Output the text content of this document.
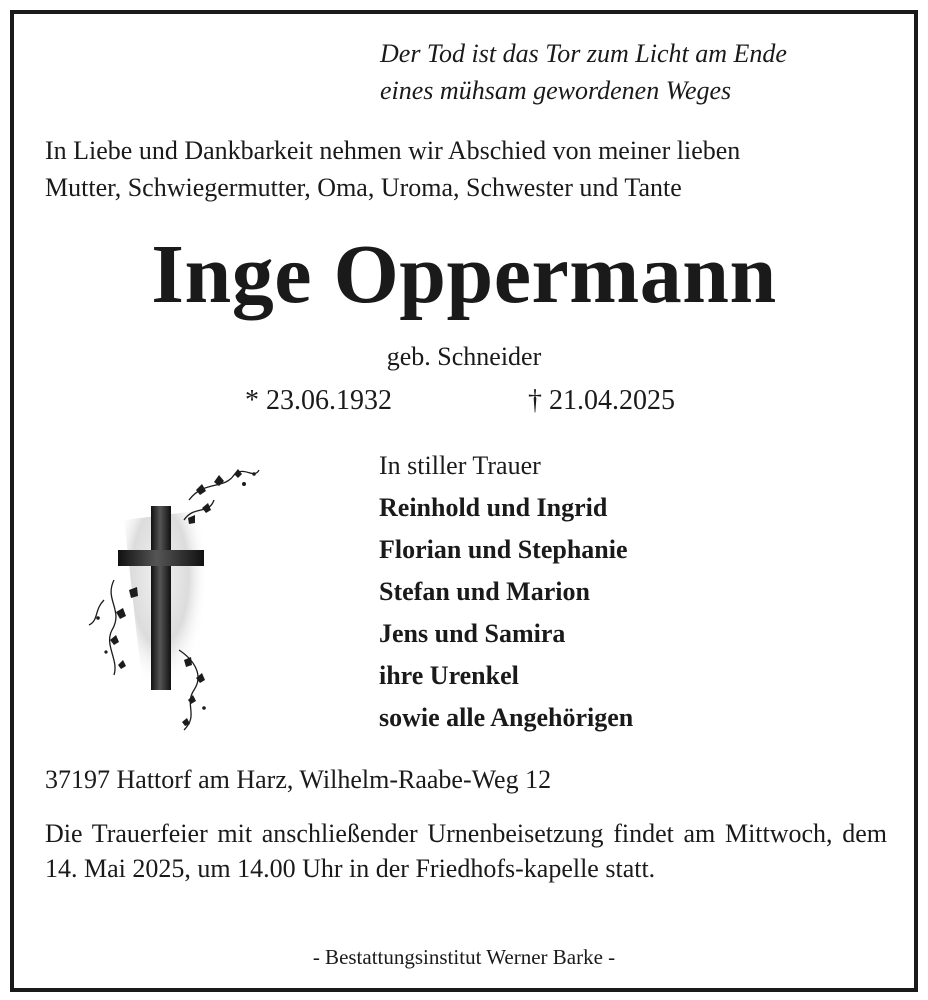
Der Tod ist das Tor zum Licht am Ende
eines mühsam gewordenen Weges
In Liebe und Dankbarkeit nehmen wir Abschied von meiner lieben
Mutter, Schwiegermutter, Oma, Uroma, Schwester und Tante
Inge Oppermann
geb. Schneider
* 23.06.1932	† 21.04.2025
In stiller Trauer
Reinhold und Ingrid
Florian und Stephanie
Stefan und Marion
Jens und Samira
ihre Urenkel
sowie alle Angehörigen
37197 Hattorf am Harz, Wilhelm-Raabe-Weg 12
Die Trauerfeier mit anschließender Urnenbeisetzung findet am Mittwoch, dem 14. Mai 2025, um 14.00 Uhr in der Friedhofs-kapelle statt.
- Bestattungsinstitut Werner Barke -
